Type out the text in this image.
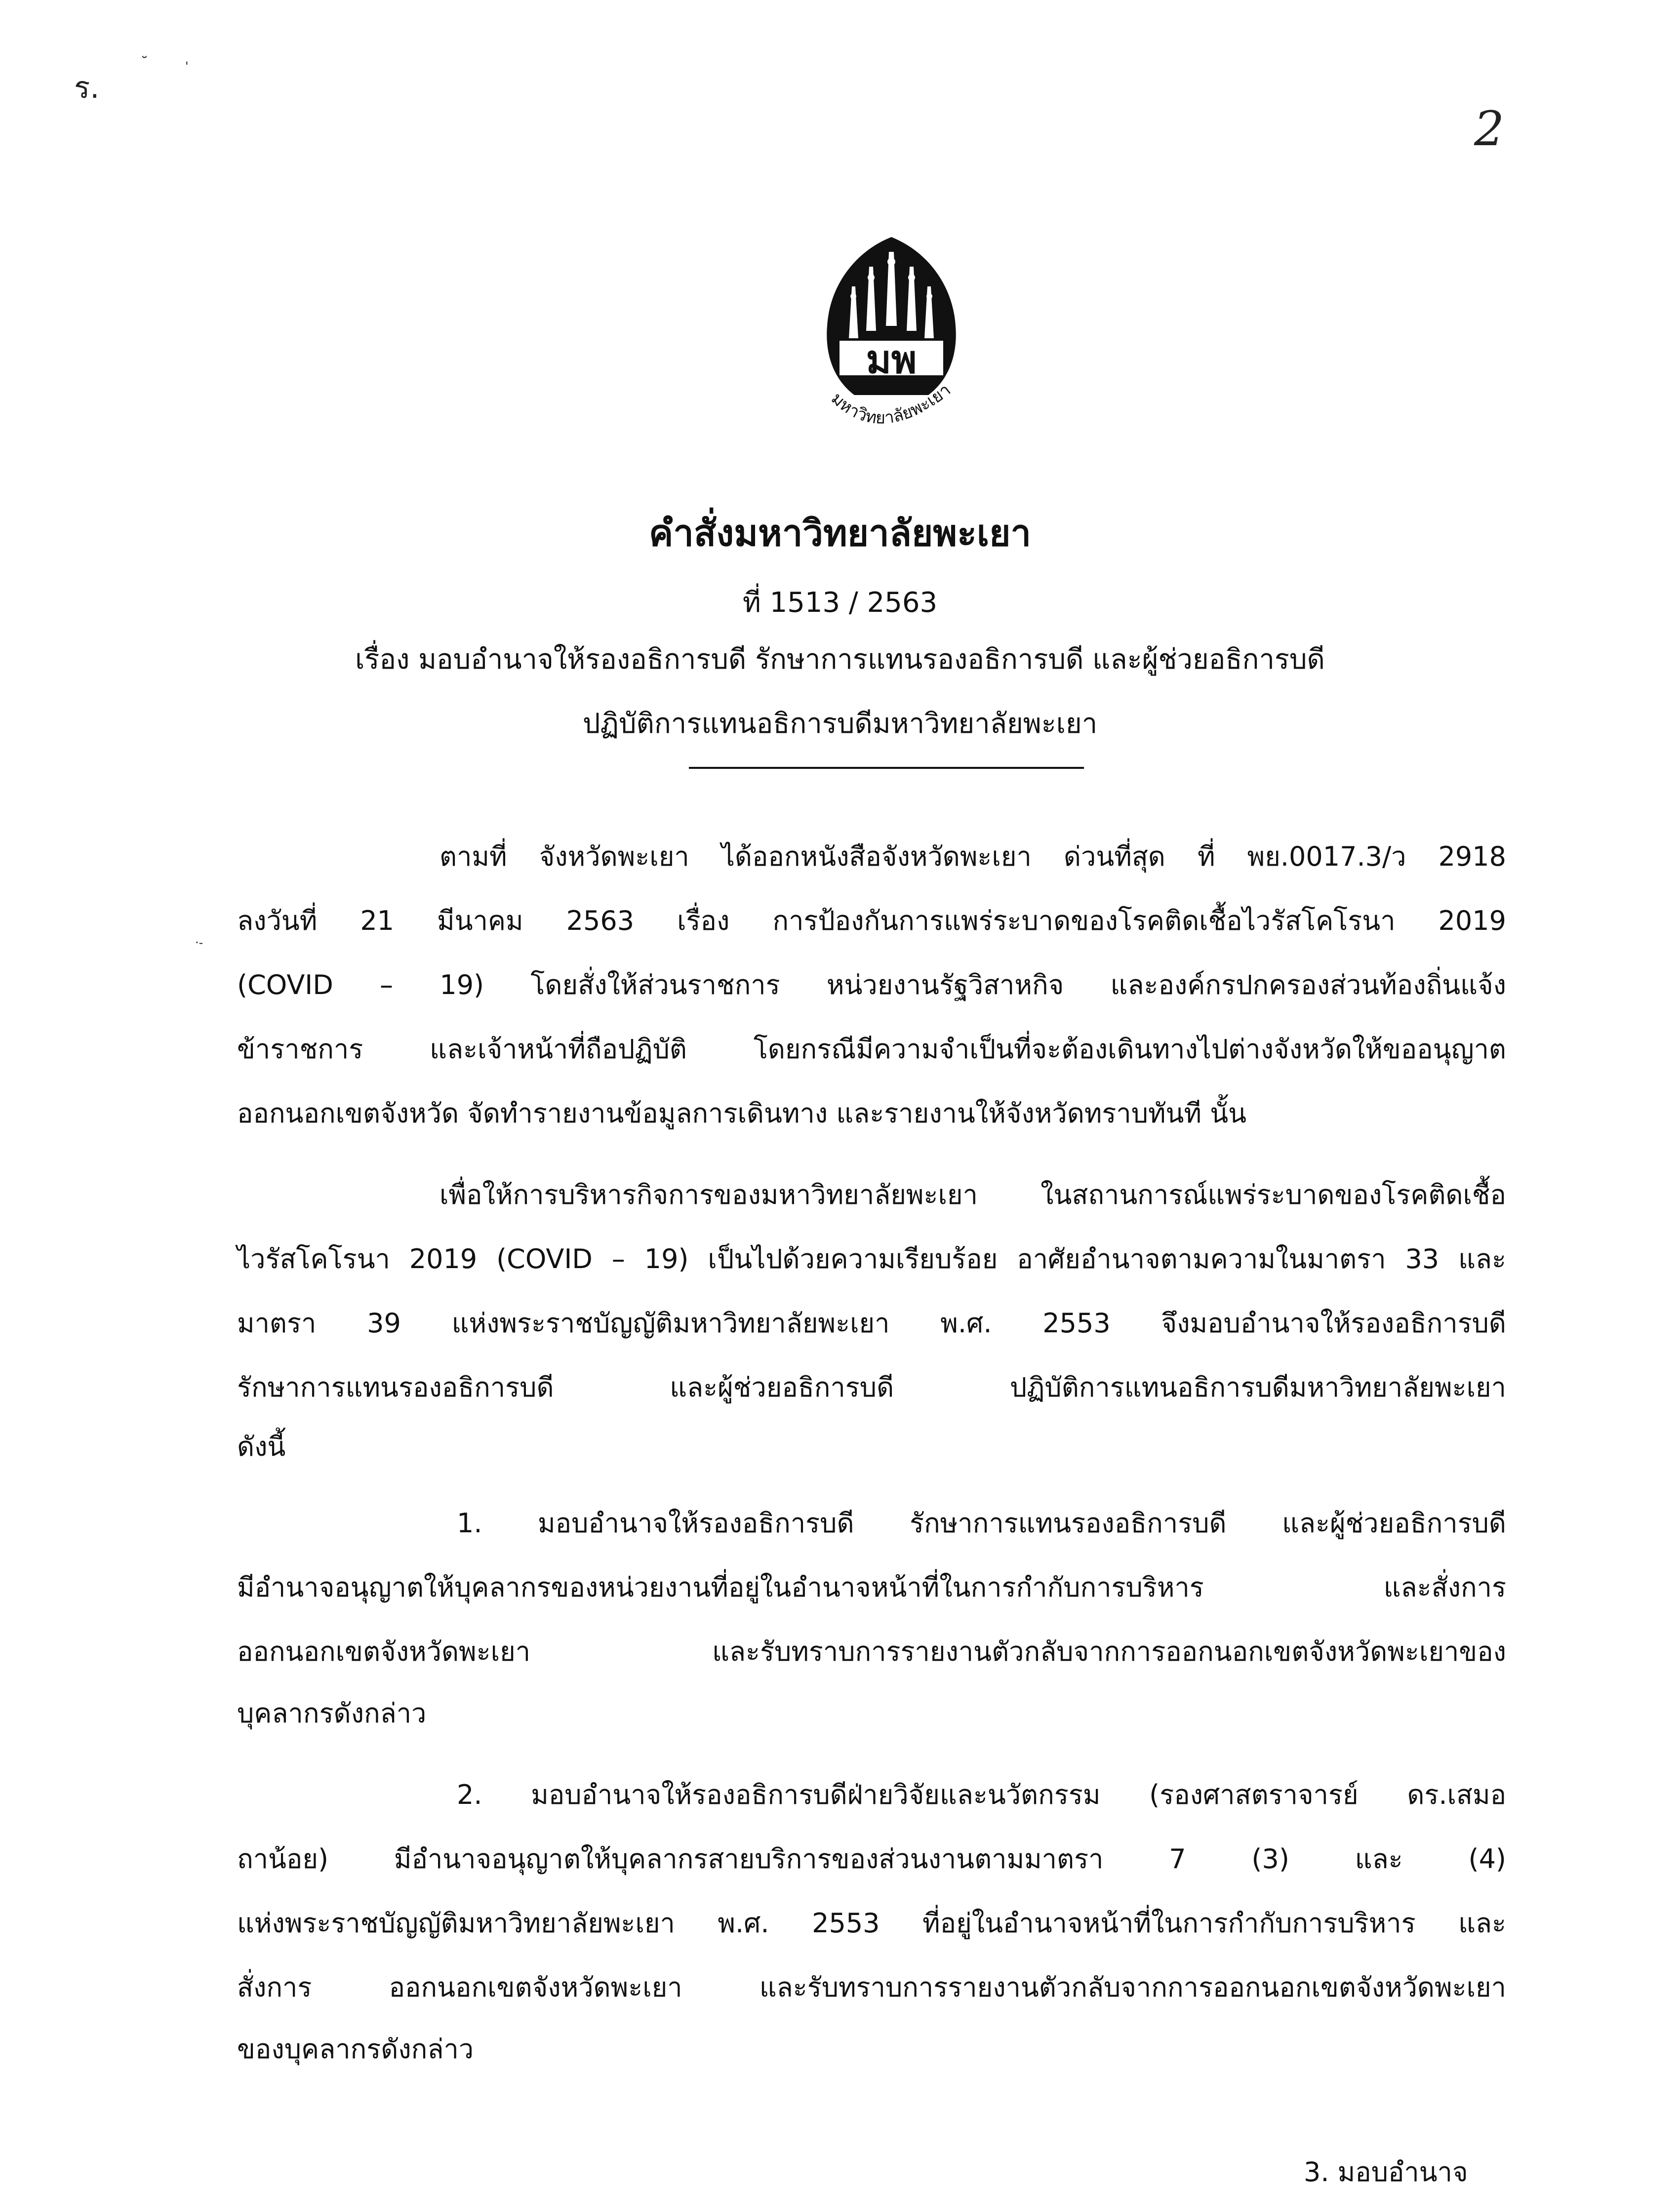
ร.
˘	'
·-
2
มพ
มหาวิทยาลัยพะเยา
คำสั่งมหาวิทยาลัยพะเยา
ที่ 1513 / 2563
เรื่อง มอบอำนาจให้รองอธิการบดี รักษาการแทนรองอธิการบดี และผู้ช่วยอธิการบดี
ปฏิบัติการแทนอธิการบดีมหาวิทยาลัยพะเยา
ตามที่ จังหวัดพะเยา ได้ออกหนังสือจังหวัดพะเยา ด่วนที่สุด ที่ พย.0017.3/ว 2918
ลงวันที่ 21 มีนาคม 2563 เรื่อง การป้องกันการแพร่ระบาดของโรคติดเชื้อไวรัสโคโรนา 2019
(COVID – 19) โดยสั่งให้ส่วนราชการ หน่วยงานรัฐวิสาหกิจ และองค์กรปกครองส่วนท้องถิ่นแจ้ง
ข้าราชการ และเจ้าหน้าที่ถือปฏิบัติ โดยกรณีมีความจำเป็นที่จะต้องเดินทางไปต่างจังหวัดให้ขออนุญาต
ออกนอกเขตจังหวัด จัดทำรายงานข้อมูลการเดินทาง และรายงานให้จังหวัดทราบทันที นั้น
เพื่อให้การบริหารกิจการของมหาวิทยาลัยพะเยา ในสถานการณ์แพร่ระบาดของโรคติดเชื้อ
ไวรัสโคโรนา 2019 (COVID – 19) เป็นไปด้วยความเรียบร้อย อาศัยอำนาจตามความในมาตรา 33 และ
มาตรา 39 แห่งพระราชบัญญัติมหาวิทยาลัยพะเยา พ.ศ. 2553 จึงมอบอำนาจให้รองอธิการบดี
รักษาการแทนรองอธิการบดี และผู้ช่วยอธิการบดี ปฏิบัติการแทนอธิการบดีมหาวิทยาลัยพะเยา
ดังนี้
1. มอบอำนาจให้รองอธิการบดี รักษาการแทนรองอธิการบดี และผู้ช่วยอธิการบดี
มีอำนาจอนุญาตให้บุคลากรของหน่วยงานที่อยู่ในอำนาจหน้าที่ในการกำกับการบริหาร และสั่งการ
ออกนอกเขตจังหวัดพะเยา และรับทราบการรายงานตัวกลับจากการออกนอกเขตจังหวัดพะเยาของ
บุคลากรดังกล่าว
2. มอบอำนาจให้รองอธิการบดีฝ่ายวิจัยและนวัตกรรม (รองศาสตราจารย์ ดร.เสมอ
ถาน้อย) มีอำนาจอนุญาตให้บุคลากรสายบริการของส่วนงานตามมาตรา 7 (3) และ (4)
แห่งพระราชบัญญัติมหาวิทยาลัยพะเยา พ.ศ. 2553 ที่อยู่ในอำนาจหน้าที่ในการกำกับการบริหาร และ
สั่งการ ออกนอกเขตจังหวัดพะเยา และรับทราบการรายงานตัวกลับจากการออกนอกเขตจังหวัดพะเยา
ของบุคลากรดังกล่าว
3. มอบอำนาจ
